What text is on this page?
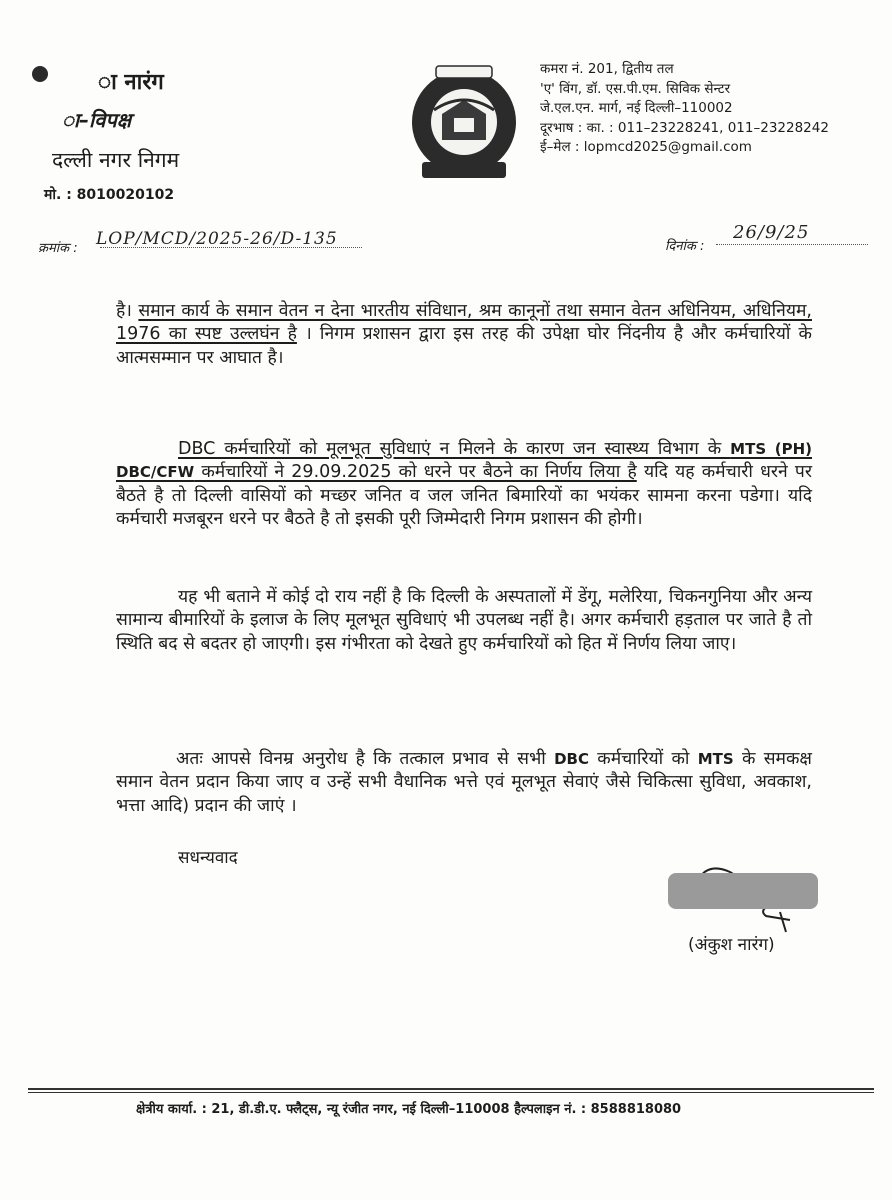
ा नारंग
ा–विपक्ष
दल्ली नगर निगम
मो. : 8010020102
कमरा नं. 201, द्वितीय तल
'ए' विंग, डॉ. एस.पी.एम. सिविक सेन्टर
जे.एल.एन. मार्ग, नई दिल्ली–110002
दूरभाष : का. : 011–23228241, 011–23228242
ई–मेल : lopmcd2025@gmail.com
क्रमांक : LOP/MCD/2025-26/D-135	दिनांक :
26/9/25

है। समान कार्य के समान वेतन न देना भारतीय संविधान, श्रम कानूनों तथा समान वेतन अधिनियम, अधिनियम, 1976 का स्पष्ट उल्लघंन है । निगम प्रशासन द्वारा इस तरह की उपेक्षा घोर निंदनीय है और कर्मचारियों के आत्मसम्मान पर आघात है।

DBC कर्मचारियों को मूलभूत सुविधाएं न मिलने के कारण जन स्वास्थ्य विभाग के MTS (PH) DBC/CFW कर्मचारियों ने 29.09.2025 को धरने पर बैठने का निर्णय लिया है यदि यह कर्मचारी धरने पर बैठते है तो दिल्ली वासियों को मच्छर जनित व जल जनित बिमारियों का भयंकर सामना करना पडेगा। यदि कर्मचारी मजबूरन धरने पर बैठते है तो इसकी पूरी जिम्मेदारी निगम प्रशासन की होगी।

यह भी बताने में कोई दो राय नहीं है कि दिल्ली के अस्पतालों में डेंगू, मलेरिया, चिकनगुनिया और अन्य सामान्य बीमारियों के इलाज के लिए मूलभूत सुविधाएं भी उपलब्ध नहीं है। अगर कर्मचारी हड़ताल पर जाते है तो स्थिति बद से बदतर हो जाएगी। इस गंभीरता को देखते हुए कर्मचारियों को हित में निर्णय लिया जाए।

अतः आपसे विनम्र अनुरोध है कि तत्काल प्रभाव से सभी DBC कर्मचारियों को MTS के समकक्ष समान वेतन प्रदान किया जाए व उन्हें सभी वैधानिक भत्ते एवं मूलभूत सेवाएं जैसे चिकित्सा सुविधा, अवकाश, भत्ता आदि) प्रदान की जाएं ।

सधन्यवाद
(अंकुश नारंग)
क्षेत्रीय कार्या. : 21, डी.डी.ए. फ्लैट्स, न्यू रंजीत नगर, नई दिल्ली–110008 हैल्पलाइन नं. : 8588818080
